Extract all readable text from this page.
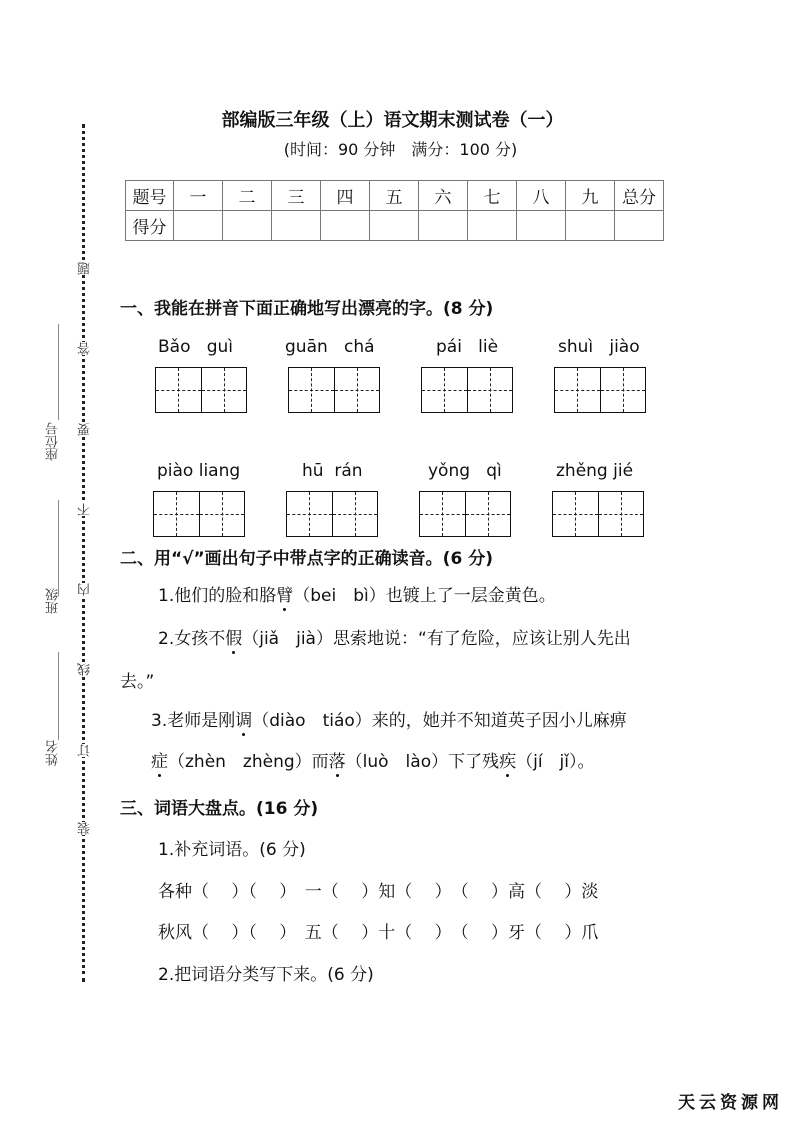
题
答
要
不
内
线
订
装
座位号
班级
姓名
部编版三年级（上）语文期末测试卷（一）
(时间：90 分钟　满分：100 分)
题号	一	二	三	四	五	六	七	八	九	总分
得分										
一、我能在拼音下面正确地写出漂亮的字。(8 分)
Bǎo   guì	guān   chá	pái   liè	shuì   jiào
piào liang	hū  rán	yǒng   qì	zhěng jié
二、用“√”画出句子中带点字的正确读音。(6 分)
1.他们的脸和胳臂（bei　bì）也镀上了一层金黄色。
2.女孩不假（jiǎ　jià）思索地说：“有了危险，应该让别人先出
去。”
3.老师是刚调（diào　tiáo）来的，她并不知道英子因小儿麻痹
症（zhèn　zhèng）而落（luò　lào）下了残疾（jí　jǐ）。
三、词语大盘点。(16 分)
1.补充词语。(6 分)
各种（　 ）（　 ）　一（　 ）知（　 ）　（　 ）高（　 ）淡
秋风（　 ）（　 ）　五（　 ）十（　 ）　（　 ）牙（　 ）爪
2.把词语分类写下来。(6 分)
天云资源网
